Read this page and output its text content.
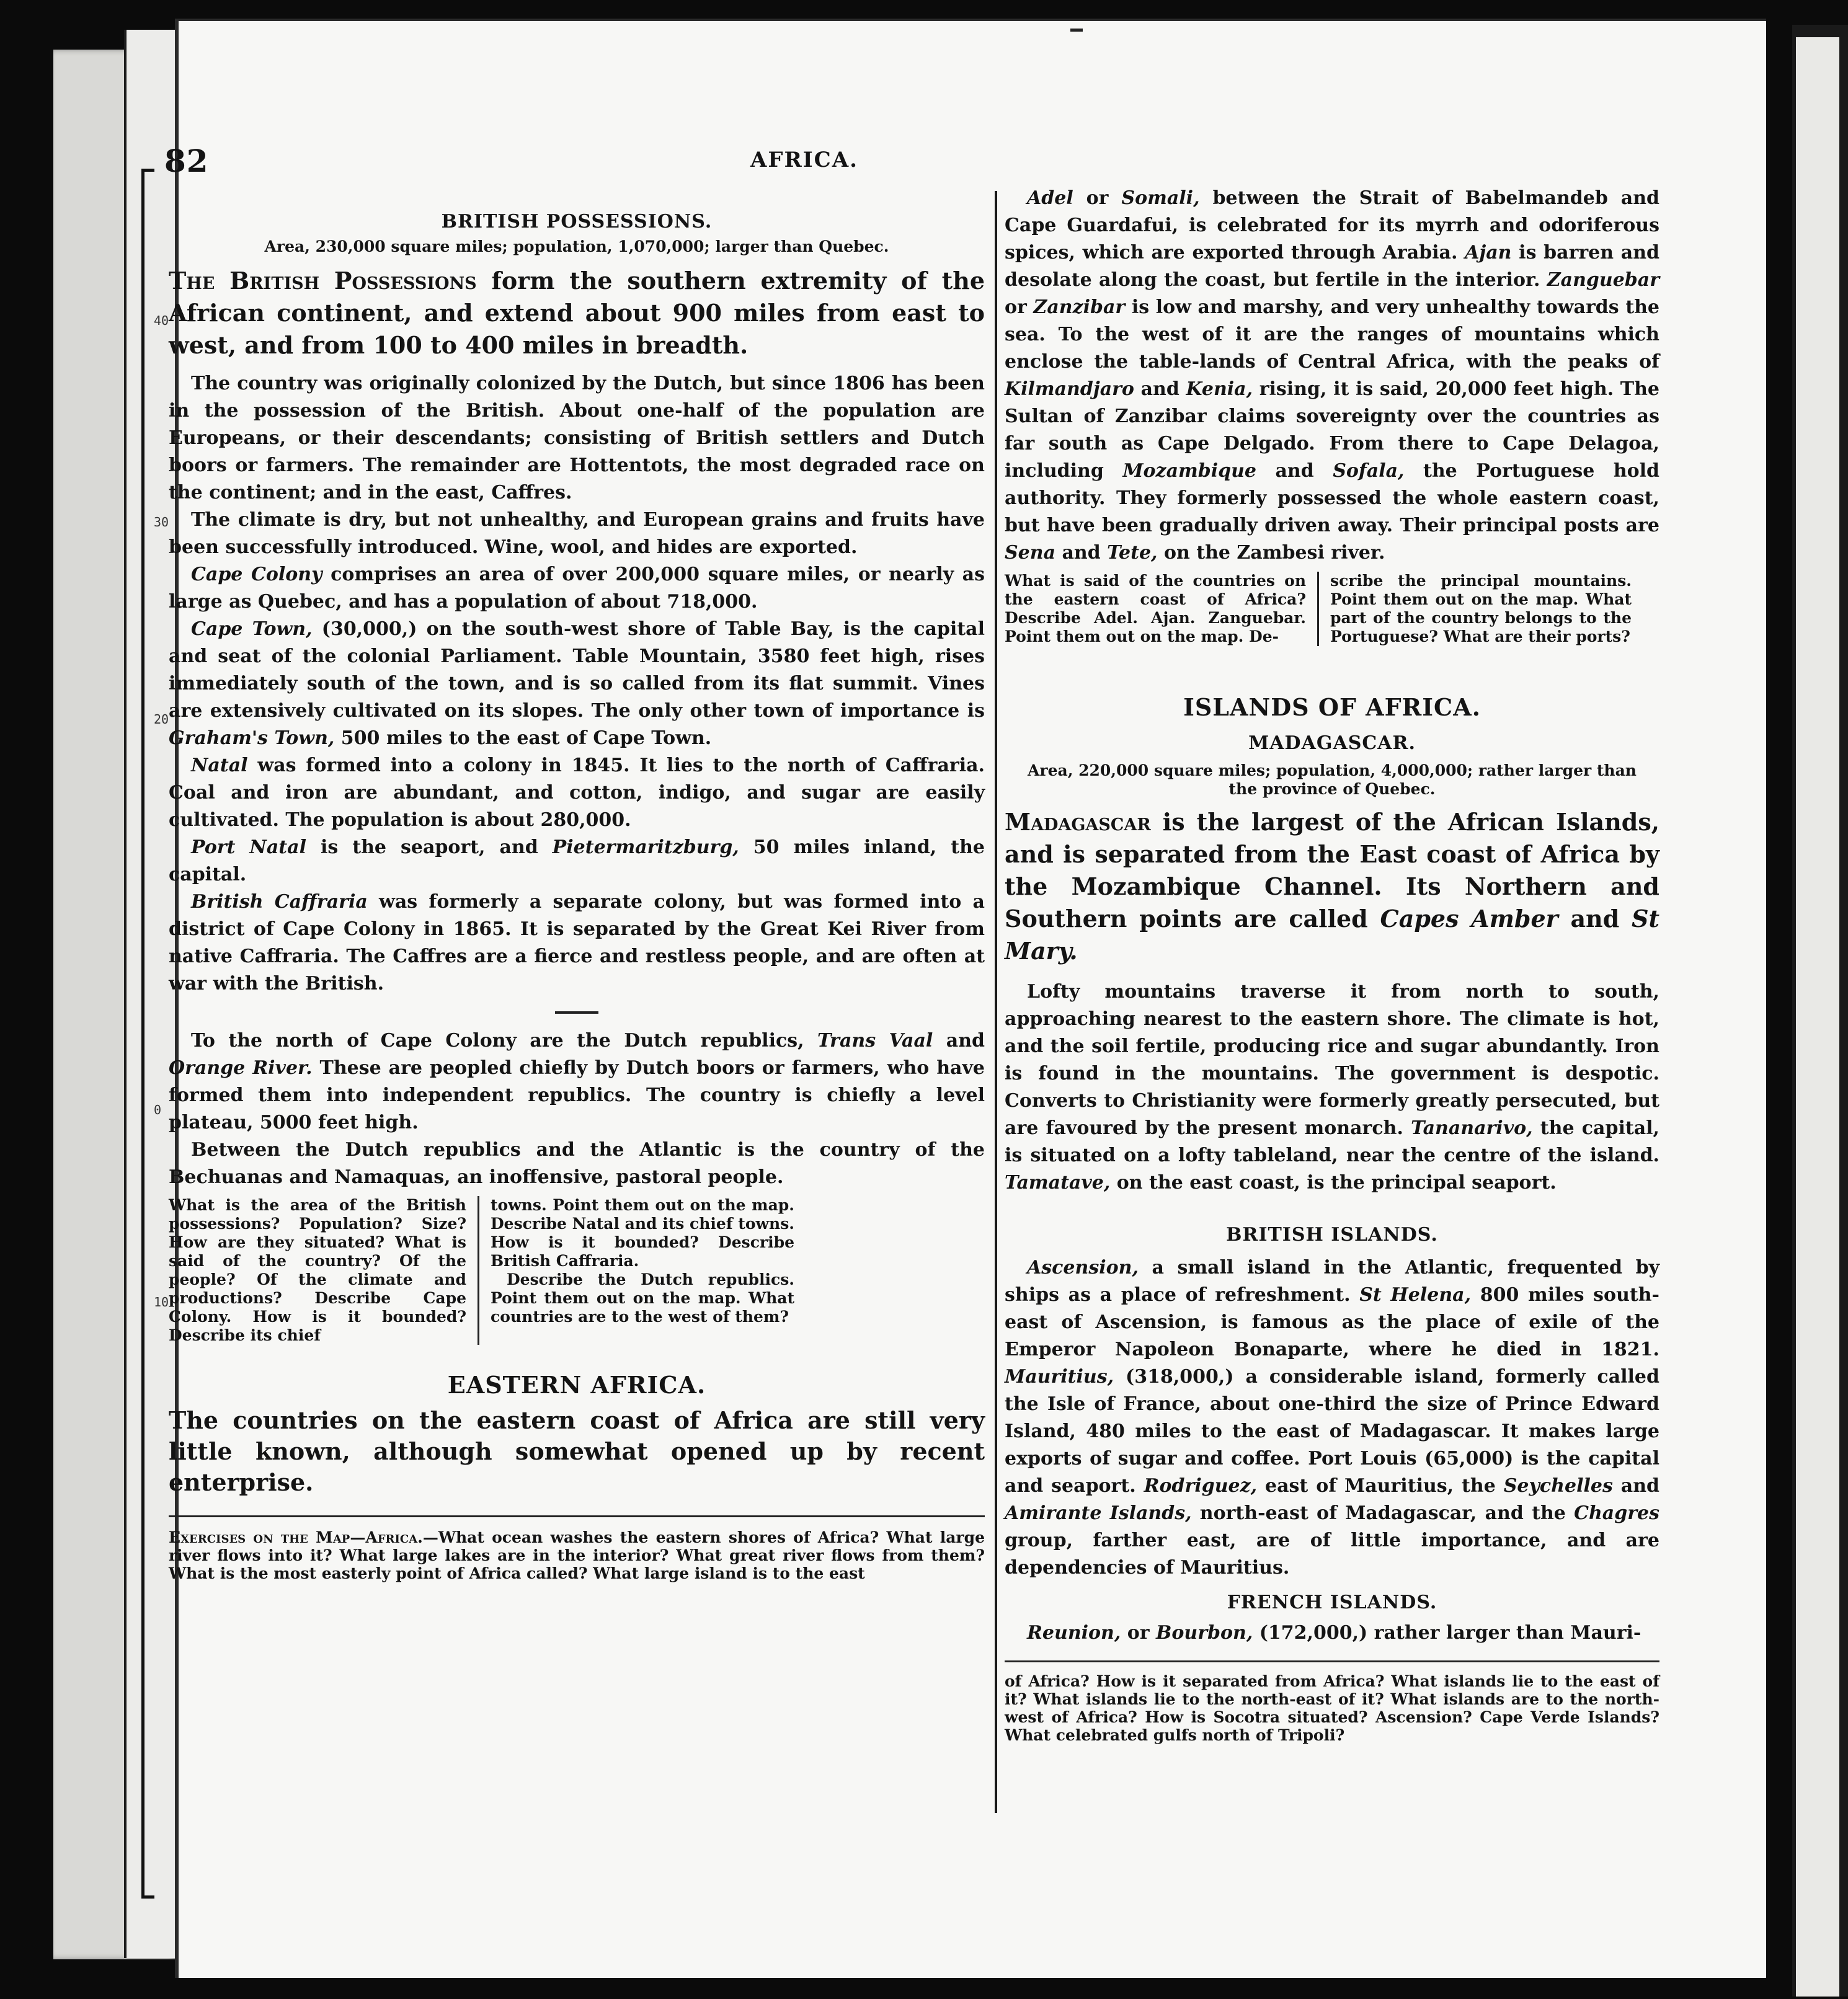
40
30
20
0
10
82	AFRICA.

BRITISH POSSESSIONS.

Area, 230,000 square miles; population, 1,070,000; larger than Quebec.

The British Possessions form the southern extremity of the African continent, and extend about 900 miles from east to west, and from 100 to 400 miles in breadth.

The country was originally colonized by the Dutch, but since 1806 has been in the possession of the British. About one-half of the population are Europeans, or their descendants; consisting of British settlers and Dutch boors or farmers. The remainder are Hottentots, the most degraded race on the continent; and in the east, Caffres.

The climate is dry, but not unhealthy, and European grains and fruits have been successfully introduced. Wine, wool, and hides are exported.

Cape Colony comprises an area of over 200,000 square miles, or nearly as large as Quebec, and has a population of about 718,000.

Cape Town, (30,000,) on the south-west shore of Table Bay, is the capital and seat of the colonial Parliament. Table Mountain, 3580 feet high, rises immediately south of the town, and is so called from its flat summit. Vines are extensively cultivated on its slopes. The only other town of importance is Graham's Town, 500 miles to the east of Cape Town.

Natal was formed into a colony in 1845. It lies to the north of Caffraria. Coal and iron are abundant, and cotton, indigo, and sugar are easily cultivated. The population is about 280,000.

Port Natal is the seaport, and Pietermaritzburg, 50 miles inland, the capital.

British Caffraria was formerly a separate colony, but was formed into a district of Cape Colony in 1865. It is separated by the Great Kei River from native Caffraria. The Caffres are a fierce and restless people, and are often at war with the British.

To the north of Cape Colony are the Dutch republics, Trans Vaal and Orange River. These are peopled chiefly by Dutch boors or farmers, who have formed them into independent republics. The country is chiefly a level plateau, 5000 feet high.

Between the Dutch republics and the Atlantic is the country of the Bechuanas and Namaquas, an inoffensive, pastoral people.

What is the area of the British possessions? Population? Size? How are they situated? What is said of the country? Of the people? Of the climate and productions? Describe Cape Colony. How is it bounded? Describe its chief
towns. Point them out on the map. Describe Natal and its chief towns. How is it bounded? Describe British Caffraria.
Describe the Dutch republics. Point them out on the map. What countries are to the west of them?

EASTERN AFRICA.

The countries on the eastern coast of Africa are still very little known, although somewhat opened up by recent enterprise.

Exercises on the Map—Africa.—What ocean washes the eastern shores of Africa? What large river flows into it? What large lakes are in the interior? What great river flows from them? What is the most easterly point of Africa called? What large island is to the east

Adel or Somali, between the Strait of Babelmandeb and Cape Guardafui, is celebrated for its myrrh and odoriferous spices, which are exported through Arabia. Ajan is barren and desolate along the coast, but fertile in the interior. Zanguebar or Zanzibar is low and marshy, and very unhealthy towards the sea. To the west of it are the ranges of mountains which enclose the table-lands of Central Africa, with the peaks of Kilmandjaro and Kenia, rising, it is said, 20,000 feet high. The Sultan of Zanzibar claims sovereignty over the countries as far south as Cape Delgado. From there to Cape Delagoa, including Mozambique and Sofala, the Portuguese hold authority. They formerly possessed the whole eastern coast, but have been gradually driven away. Their principal posts are Sena and Tete, on the Zambesi river.

What is said of the countries on the eastern coast of Africa? Describe Adel. Ajan. Zanguebar. Point them out on the map. De-
scribe the principal mountains. Point them out on the map. What part of the country belongs to the Portuguese? What are their ports?

ISLANDS OF AFRICA.

MADAGASCAR.

Area, 220,000 square miles; population, 4,000,000; rather larger than the province of Quebec.

Madagascar is the largest of the African Islands, and is separated from the East coast of Africa by the Mozambique Channel. Its Northern and Southern points are called Capes Amber and St Mary.

Lofty mountains traverse it from north to south, approaching nearest to the eastern shore. The climate is hot, and the soil fertile, producing rice and sugar abundantly. Iron is found in the mountains. The government is despotic. Converts to Christianity were formerly greatly persecuted, but are favoured by the present monarch. Tananarivo, the capital, is situated on a lofty tableland, near the centre of the island. Tamatave, on the east coast, is the principal seaport.

BRITISH ISLANDS.

Ascension, a small island in the Atlantic, frequented by ships as a place of refreshment. St Helena, 800 miles south-east of Ascension, is famous as the place of exile of the Emperor Napoleon Bonaparte, where he died in 1821. Mauritius, (318,000,) a considerable island, formerly called the Isle of France, about one-third the size of Prince Edward Island, 480 miles to the east of Madagascar. It makes large exports of sugar and coffee. Port Louis (65,000) is the capital and seaport. Rodriguez, east of Mauritius, the Seychelles and Amirante Islands, north-east of Madagascar, and the Chagres group, farther east, are of little importance, and are dependencies of Mauritius.

FRENCH ISLANDS.

Reunion, or Bourbon, (172,000,) rather larger than Mauri-

of Africa? How is it separated from Africa? What islands lie to the east of it? What islands lie to the north-east of it? What islands are to the north-west of Africa? How is Socotra situated? Ascension? Cape Verde Islands? What celebrated gulfs north of Tripoli?
